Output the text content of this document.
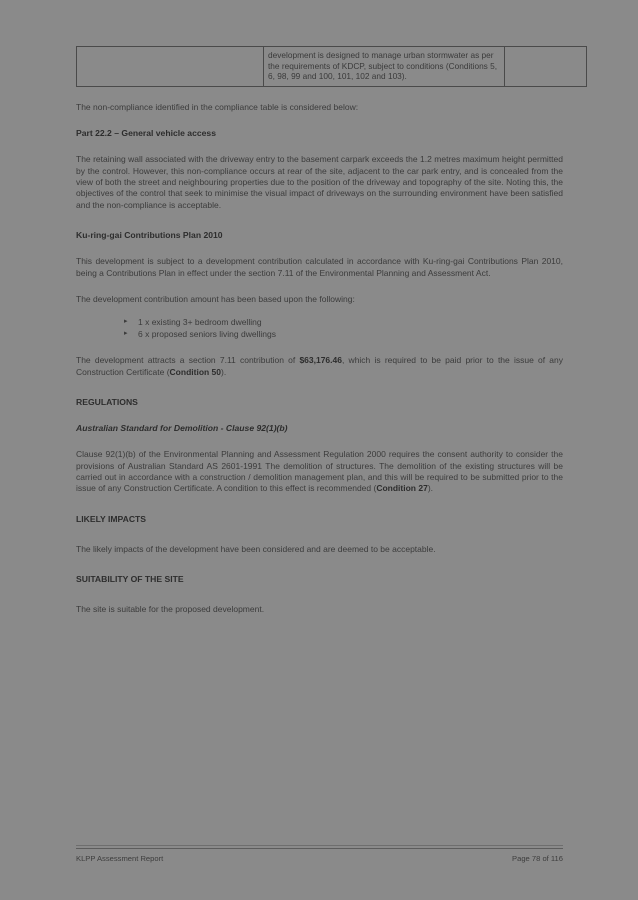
	development is designed to manage urban stormwater as per the requirements of KDCP, subject to conditions (Conditions 5, 6, 98, 99 and 100, 101, 102 and 103).	

The non-compliance identified in the compliance table is considered below:

Part 22.2 – General vehicle access

The retaining wall associated with the driveway entry to the basement carpark exceeds the 1.2 metres maximum height permitted by the control. However, this non-compliance occurs at rear of the site, adjacent to the car park entry, and is concealed from the view of both the street and neighbouring properties due to the position of the driveway and topography of the site. Noting this, the objectives of the control that seek to minimise the visual impact of driveways on the surrounding environment have been satisfied and the non-compliance is acceptable.

Ku-ring-gai Contributions Plan 2010

This development is subject to a development contribution calculated in accordance with Ku-ring-gai Contributions Plan 2010, being a Contributions Plan in effect under the section 7.11 of the Environmental Planning and Assessment Act.

The development contribution amount has been based upon the following:

▸ 1 x existing 3+ bedroom dwelling
▸ 6 x proposed seniors living dwellings

The development attracts a section 7.11 contribution of $63,176.46, which is required to be paid prior to the issue of any Construction Certificate (Condition 50).

REGULATIONS
Australian Standard for Demolition - Clause 92(1)(b)

Clause 92(1)(b) of the Environmental Planning and Assessment Regulation 2000 requires the consent authority to consider the provisions of Australian Standard AS 2601-1991 The demolition of structures. The demolition of the existing structures will be carried out in accordance with a construction / demolition management plan, and this will be required to be submitted prior to the issue of any Construction Certificate. A condition to this effect is recommended (Condition 27).

LIKELY IMPACTS

The likely impacts of the development have been considered and are deemed to be acceptable.

SUITABILITY OF THE SITE

The site is suitable for the proposed development.

KLPP Assessment Report	Page 78 of 116
